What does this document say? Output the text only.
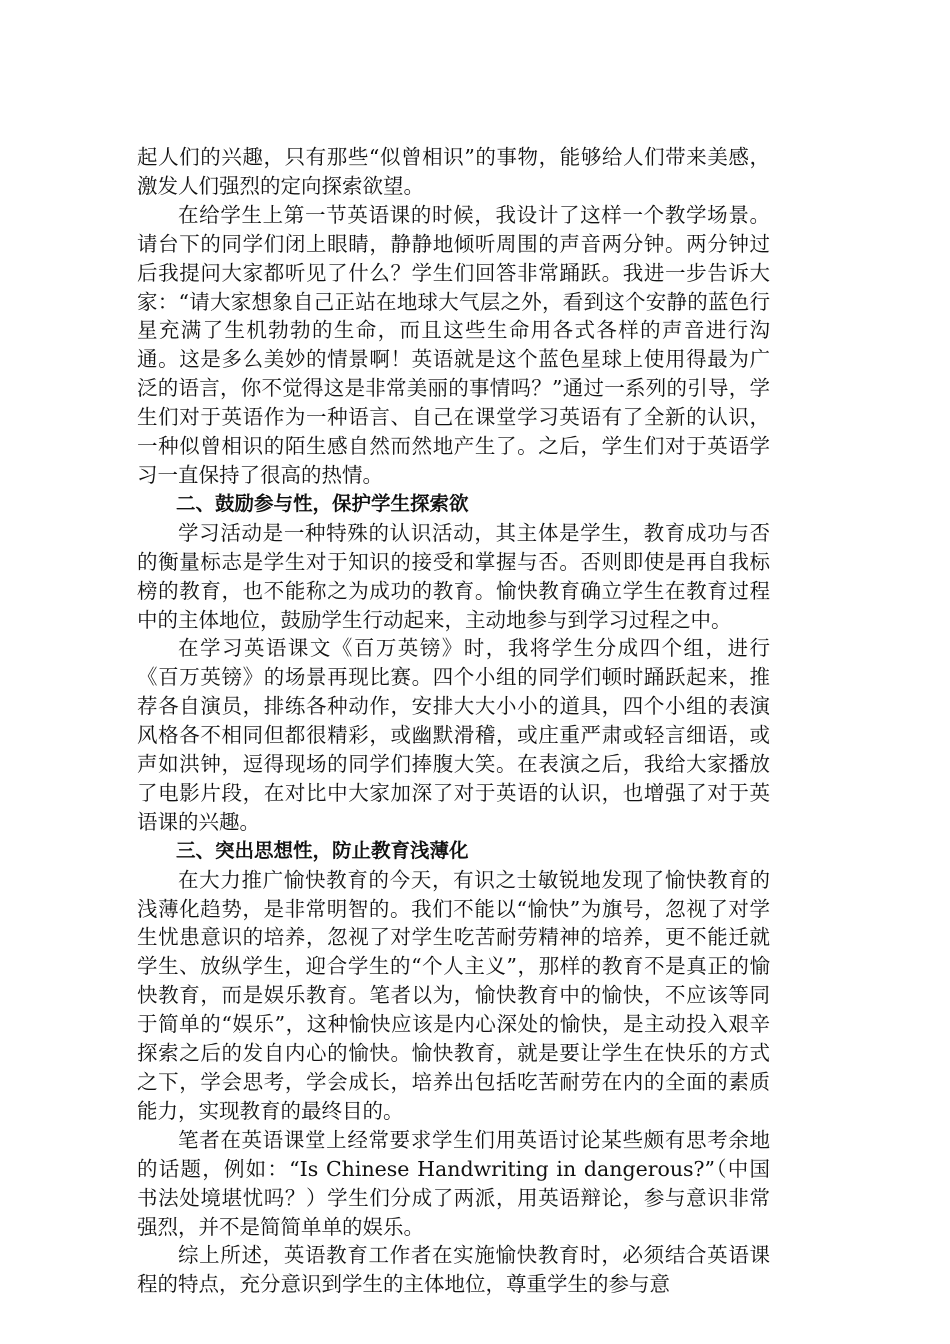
起人们的兴趣，只有那些“似曾相识”的事物，能够给人们带来美感，激发人们强烈的定向探索欲望。

在给学生上第一节英语课的时候，我设计了这样一个教学场景。请台下的同学们闭上眼睛，静静地倾听周围的声音两分钟。两分钟过后我提问大家都听见了什么？学生们回答非常踊跃。我进一步告诉大家：“请大家想象自己正站在地球大气层之外，看到这个安静的蓝色行星充满了生机勃勃的生命，而且这些生命用各式各样的声音进行沟通。这是多么美妙的情景啊！英语就是这个蓝色星球上使用得最为广泛的语言，你不觉得这是非常美丽的事情吗？”通过一系列的引导，学生们对于英语作为一种语言、自己在课堂学习英语有了全新的认识，一种似曾相识的陌生感自然而然地产生了。之后，学生们对于英语学习一直保持了很高的热情。

二、鼓励参与性，保护学生探索欲

学习活动是一种特殊的认识活动，其主体是学生，教育成功与否的衡量标志是学生对于知识的接受和掌握与否。否则即使是再自我标榜的教育，也不能称之为成功的教育。愉快教育确立学生在教育过程中的主体地位，鼓励学生行动起来，主动地参与到学习过程之中。

在学习英语课文《百万英镑》时，我将学生分成四个组，进行《百万英镑》的场景再现比赛。四个小组的同学们顿时踊跃起来，推荐各自演员，排练各种动作，安排大大小小的道具，四个小组的表演风格各不相同但都很精彩，或幽默滑稽，或庄重严肃或轻言细语，或声如洪钟，逗得现场的同学们捧腹大笑。在表演之后，我给大家播放了电影片段，在对比中大家加深了对于英语的认识，也增强了对于英语课的兴趣。

三、突出思想性，防止教育浅薄化

在大力推广愉快教育的今天，有识之士敏锐地发现了愉快教育的浅薄化趋势，是非常明智的。我们不能以“愉快”为旗号，忽视了对学生忧患意识的培养，忽视了对学生吃苦耐劳精神的培养，更不能迁就学生、放纵学生，迎合学生的“个人主义”，那样的教育不是真正的愉快教育，而是娱乐教育。笔者以为，愉快教育中的愉快，不应该等同于简单的“娱乐”，这种愉快应该是内心深处的愉快，是主动投入艰辛探索之后的发自内心的愉快。愉快教育，就是要让学生在快乐的方式之下，学会思考，学会成长，培养出包括吃苦耐劳在内的全面的素质能力，实现教育的最终目的。

笔者在英语课堂上经常要求学生们用英语讨论某些颇有思考余地的话题，例如：“Is Chinese Handwriting in dangerous?”（中国书法处境堪忧吗？）学生们分成了两派，用英语辩论，参与意识非常强烈，并不是简简单单的娱乐。

综上所述，英语教育工作者在实施愉快教育时，必须结合英语课程的特点，充分意识到学生的主体地位，尊重学生的参与意
